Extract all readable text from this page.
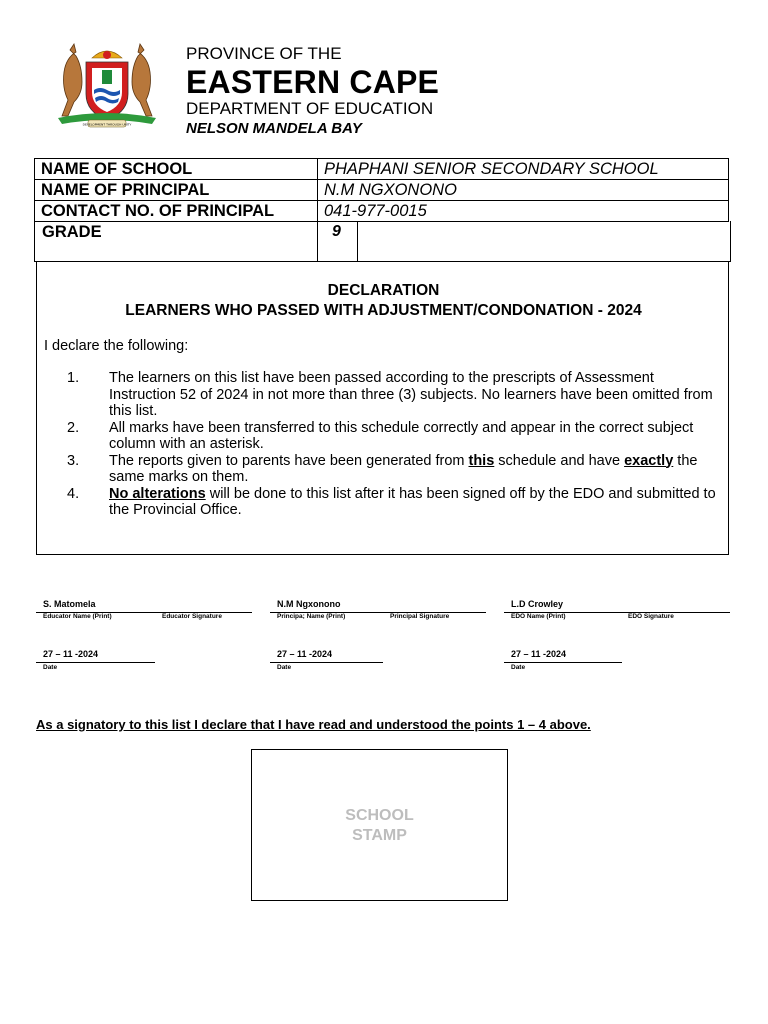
DEVELOPMENT THROUGH UNITY
PROVINCE OF THE
EASTERN CAPE
DEPARTMENT OF EDUCATION
NELSON MANDELA BAY
NAME OF SCHOOL	PHAPHANI SENIOR SECONDARY SCHOOL
NAME OF PRINCIPAL	N.M NGXONONO
CONTACT NO. OF PRINCIPAL	041-977-0015
GRADE	9
DECLARATION
LEARNERS WHO PASSED WITH ADJUSTMENT/CONDONATION - 2024
I declare the following:
1. The learners on this list have been passed according to the prescripts of Assessment Instruction 52 of 2024 in not more than three (3) subjects. No learners have been omitted from this list.
2. All marks have been transferred to this schedule correctly and appear in the correct subject column with an asterisk.
3. The reports given to parents have been generated from this schedule and have exactly the same marks on them.
4. No alterations will be done to this list after it has been signed off by the EDO and submitted to the Provincial Office.
S. Matomela
Educator Name (Print)	Educator Signature
27 – 11 -2024
Date
N.M Ngxonono
Principa; Name (Print)	Principal Signature
27 – 11 -2024
Date
L.D Crowley
EDO Name (Print)	EDO Signature
27 – 11 -2024
Date
As a signatory to this list I declare that I have read and understood the points 1 – 4 above.
SCHOOL
STAMP
